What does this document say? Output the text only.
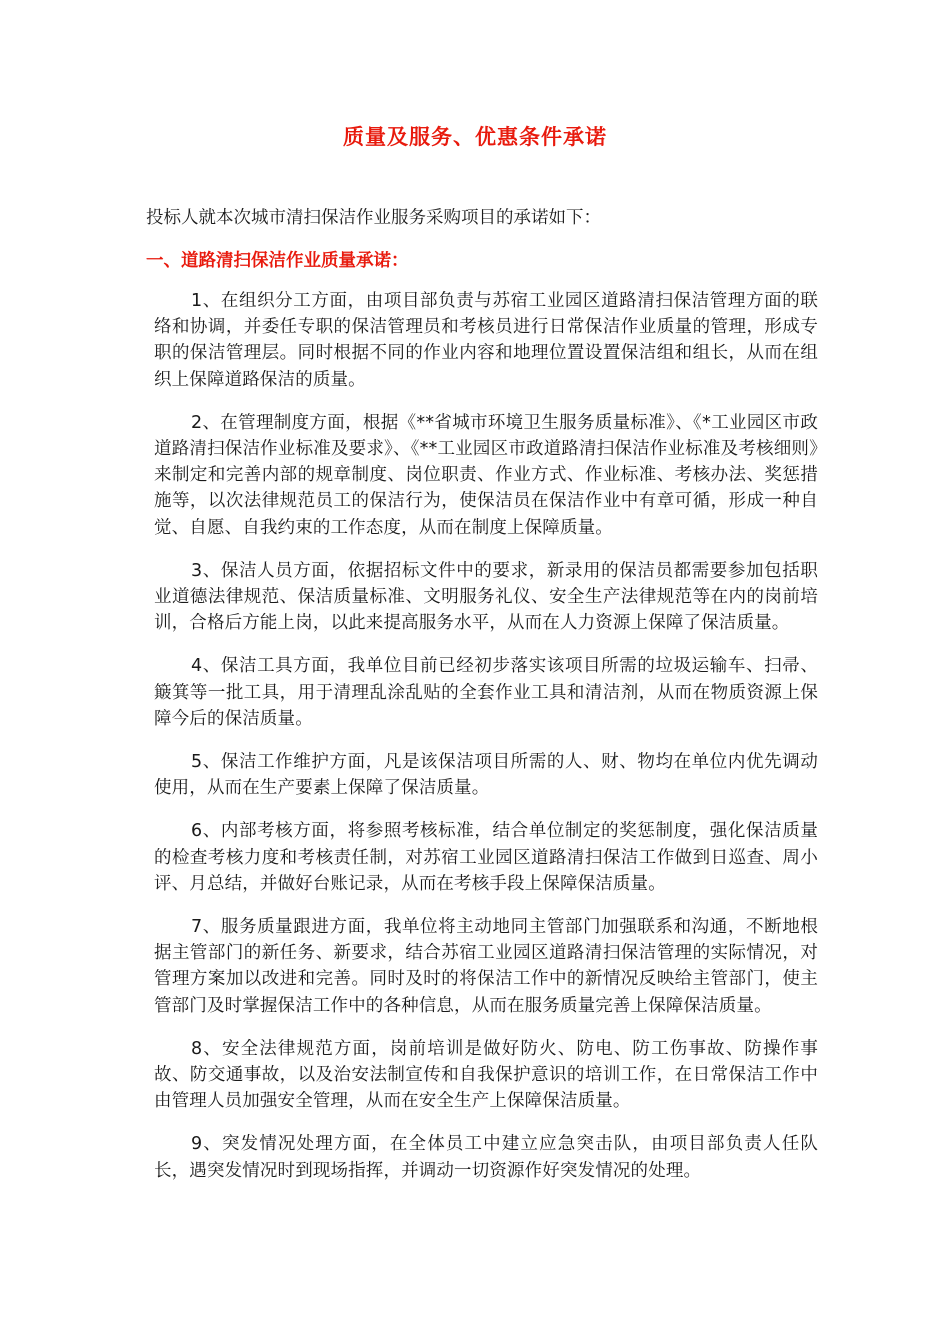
质量及服务、优惠条件承诺
投标人就本次城市清扫保洁作业服务采购项目的承诺如下：
一、道路清扫保洁作业质量承诺：

1、在组织分工方面，由项目部负责与苏宿工业园区道路清扫保洁管理方面的联络和协调，并委任专职的保洁管理员和考核员进行日常保洁作业质量的管理，形成专职的保洁管理层。同时根据不同的作业内容和地理位置设置保洁组和组长，从而在组织上保障道路保洁的质量。

2、在管理制度方面，根据《**省城市环境卫生服务质量标准》、《*工业园区市政道路清扫保洁作业标准及要求》、《**工业园区市政道路清扫保洁作业标准及考核细则》来制定和完善内部的规章制度、岗位职责、作业方式、作业标准、考核办法、奖惩措施等，以次法律规范员工的保洁行为，使保洁员在保洁作业中有章可循，形成一种自觉、自愿、自我约束的工作态度，从而在制度上保障质量。

3、保洁人员方面，依据招标文件中的要求，新录用的保洁员都需要参加包括职业道德法律规范、保洁质量标准、文明服务礼仪、安全生产法律规范等在内的岗前培训，合格后方能上岗，以此来提高服务水平，从而在人力资源上保障了保洁质量。

4、保洁工具方面，我单位目前已经初步落实该项目所需的垃圾运输车、扫帚、簸箕等一批工具，用于清理乱涂乱贴的全套作业工具和清洁剂，从而在物质资源上保障今后的保洁质量。

5、保洁工作维护方面，凡是该保洁项目所需的人、财、物均在单位内优先调动使用，从而在生产要素上保障了保洁质量。

6、内部考核方面，将参照考核标准，结合单位制定的奖惩制度，强化保洁质量的检查考核力度和考核责任制，对苏宿工业园区道路清扫保洁工作做到日巡查、周小评、月总结，并做好台账记录，从而在考核手段上保障保洁质量。

7、服务质量跟进方面，我单位将主动地同主管部门加强联系和沟通，不断地根据主管部门的新任务、新要求，结合苏宿工业园区道路清扫保洁管理的实际情况，对管理方案加以改进和完善。同时及时的将保洁工作中的新情况反映给主管部门，使主管部门及时掌握保洁工作中的各种信息，从而在服务质量完善上保障保洁质量。

8、安全法律规范方面，岗前培训是做好防火、防电、防工伤事故、防操作事故、防交通事故，以及治安法制宣传和自我保护意识的培训工作，在日常保洁工作中由管理人员加强安全管理，从而在安全生产上保障保洁质量。

9、突发情况处理方面，在全体员工中建立应急突击队，由项目部负责人任队长，遇突发情况时到现场指挥，并调动一切资源作好突发情况的处理。
